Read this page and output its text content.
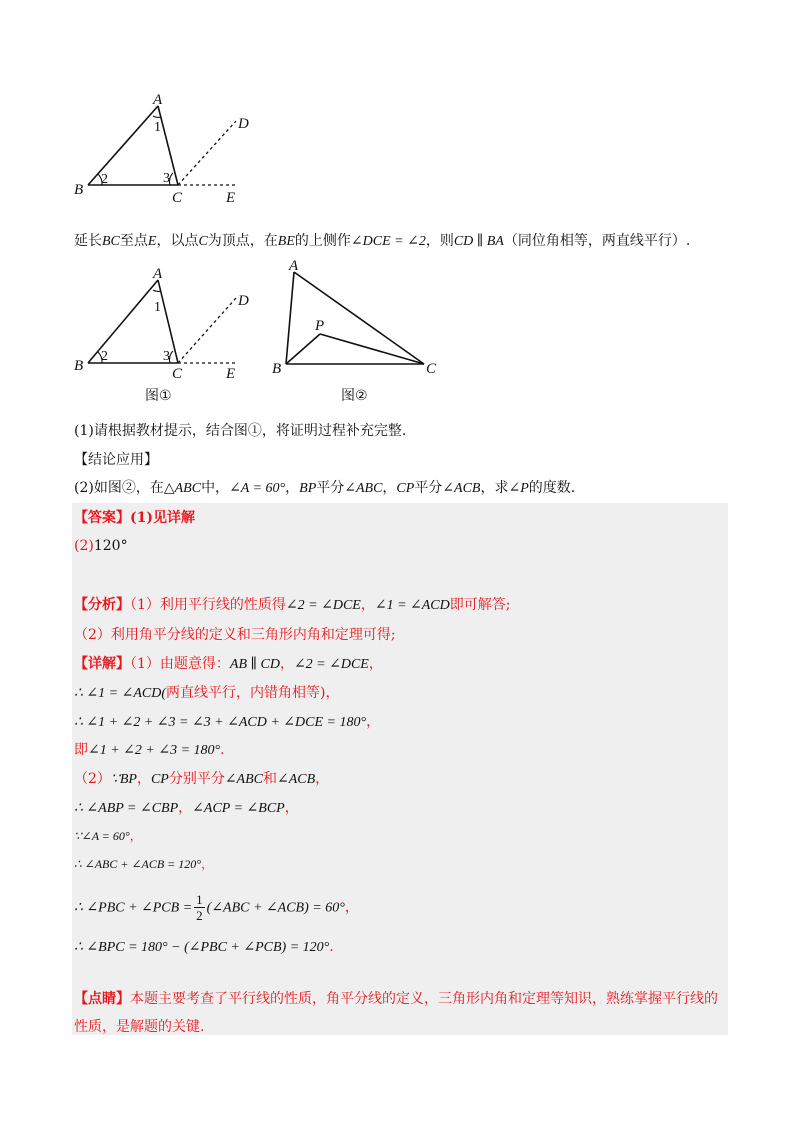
A
1	D
2	3
B	C	E
延长BC至点E，以点C为顶点，在BE的上侧作∠DCE = ∠2，则CD ∥ BA（同位角相等，两直线平行）.
A
1	D
2	3
B	C	E
图①
A
P
B	C
图②
(1)请根据教材提示，结合图①，将证明过程补充完整.
【结论应用】
(2)如图②，在△ABC中，∠A = 60°，BP平分∠ABC，CP平分∠ACB，求∠P的度数.
【答案】(1)见详解
(2)120°
【分析】（1）利用平行线的性质得∠2 = ∠DCE，∠1 = ∠ACD即可解答;
（2）利用角平分线的定义和三角形内角和定理可得;
【详解】（1）由题意得：AB ∥ CD，∠2 = ∠DCE，
∴ ∠1 = ∠ACD(两直线平行，内错角相等)，
∴ ∠1 + ∠2 + ∠3 = ∠3 + ∠ACD + ∠DCE = 180°，
即∠1 + ∠2 + ∠3 = 180°.
（2）∵BP，CP分别平分∠ABC和∠ACB，
∴ ∠ABP = ∠CBP，∠ACP = ∠BCP，
∵∠A = 60°，
∴ ∠ABC + ∠ACB = 120°，
∴ ∠PBC + ∠PCB = $\frac{1}{2}$ (∠ABC + ∠ACB) = 60°，
∴ ∠BPC = 180° − (∠PBC + ∠PCB) = 120°.
【点睛】本题主要考查了平行线的性质，角平分线的定义，三角形内角和定理等知识，熟练掌握平行线的
性质，是解题的关键.
